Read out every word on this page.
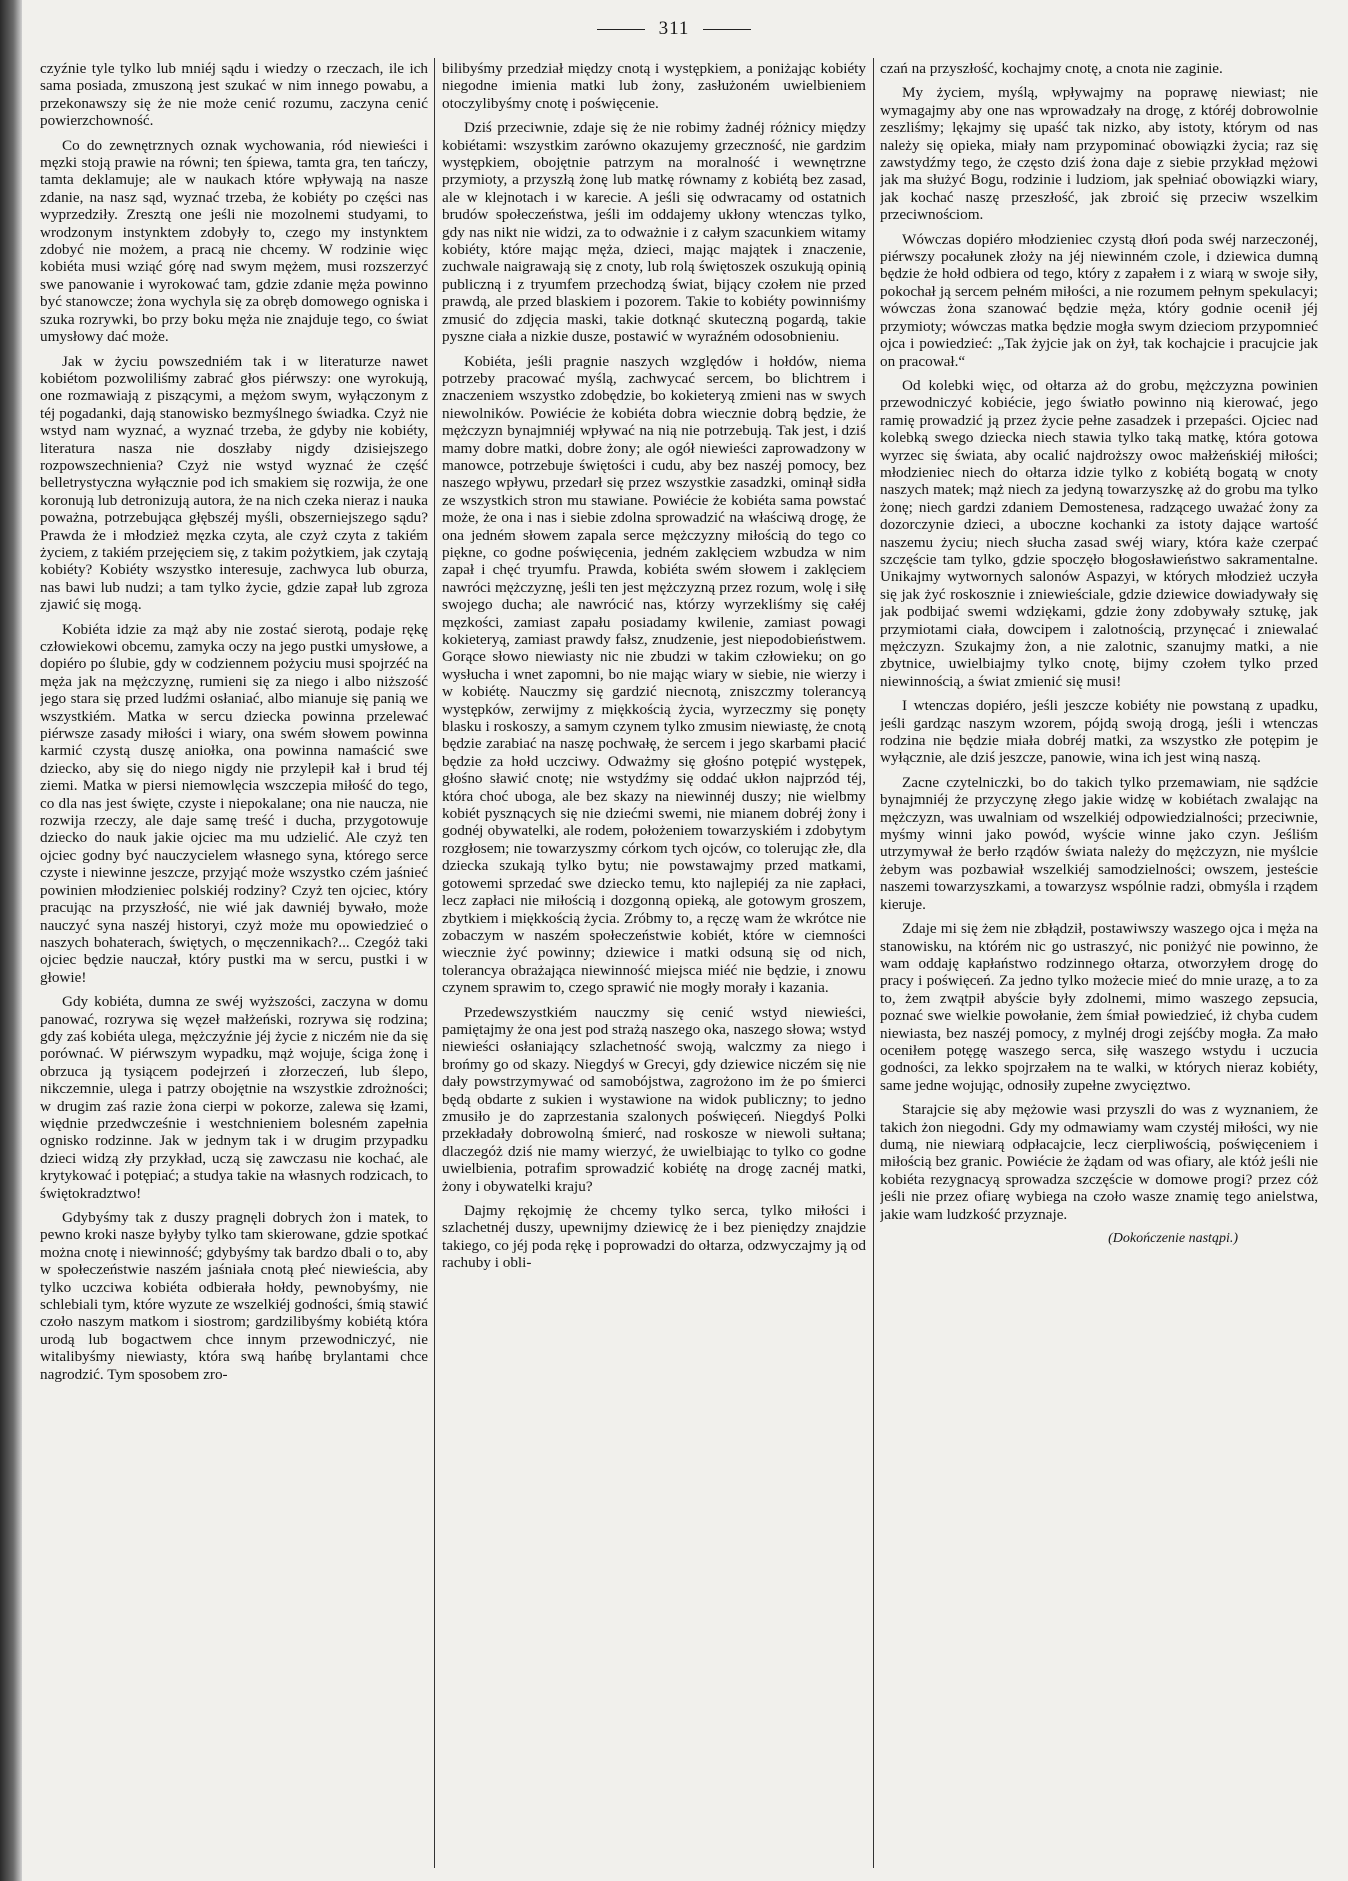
311

czyźnie tyle tylko lub mniéj sądu i wiedzy o rzeczach, ile ich sama posiada, zmuszoną jest szukać w nim innego powabu, a przekonawszy się że nie może cenić rozumu, zaczyna cenić powierzchowność.

Co do zewnętrznych oznak wychowania, ród niewieści i męzki stoją prawie na równi; ten śpiewa, tamta gra, ten tańczy, tamta deklamuje; ale w naukach które wpływają na nasze zdanie, na nasz sąd, wyznać trzeba, że kobiéty po części nas wyprzedziły. Zresztą one jeśli nie mozolnemi studyami, to wrodzonym instynktem zdobyły to, czego my instynktem zdobyć nie możem, a pracą nie chcemy. W rodzinie więc kobiéta musi wziąć górę nad swym mężem, musi rozszerzyć swe panowanie i wyrokować tam, gdzie zdanie męża powinno być stanowcze; żona wychyla się za obręb domowego ogniska i szuka rozrywki, bo przy boku męża nie znajduje tego, co świat umysłowy dać może.

Jak w życiu powszedniém tak i w literaturze nawet kobiétom pozwoliliśmy zabrać głos piérwszy: one wyrokują, one rozmawiają z piszącymi, a mężom swym, wyłączonym z téj pogadanki, dają stanowisko bezmyślnego świadka. Czyż nie wstyd nam wyznać, a wyznać trzeba, że gdyby nie kobiéty, literatura nasza nie doszłaby nigdy dzisiejszego rozpowszechnienia? Czyż nie wstyd wyznać że część belletrystyczna wyłącznie pod ich smakiem się rozwija, że one koronują lub detronizują autora, że na nich czeka nieraz i nauka poważna, potrzebująca głębszéj myśli, obszerniejszego sądu? Prawda że i młodzież męzka czyta, ale czyż czyta z takiém życiem, z takiém przejęciem się, z takim pożytkiem, jak czytają kobiéty? Kobiéty wszystko interesuje, zachwyca lub oburza, nas bawi lub nudzi; a tam tylko życie, gdzie zapał lub zgroza zjawić się mogą.

Kobiéta idzie za mąż aby nie zostać sierotą, podaje rękę człowiekowi obcemu, zamyka oczy na jego pustki umysłowe, a dopiéro po ślubie, gdy w codziennem pożyciu musi spojrzéć na męża jak na mężczyznę, rumieni się za niego i albo niższość jego stara się przed ludźmi osłaniać, albo mianuje się panią we wszystkiém. Matka w sercu dziecka powinna przelewać piérwsze zasady miłości i wiary, ona swém słowem powinna karmić czystą duszę aniołka, ona powinna namaścić swe dziecko, aby się do niego nigdy nie przylepił kał i brud téj ziemi. Matka w piersi niemowlęcia wszczepia miłość do tego, co dla nas jest święte, czyste i niepokalane; ona nie naucza, nie rozwija rzeczy, ale daje samę treść i ducha, przygotowuje dziecko do nauk jakie ojciec ma mu udzielić. Ale czyż ten ojciec godny być nauczycielem własnego syna, którego serce czyste i niewinne jeszcze, przyjąć może wszystko czém jaśnieć powinien młodzieniec polskiéj rodziny? Czyż ten ojciec, który pracując na przyszłość, nie wié jak dawniéj bywało, może nauczyć syna naszéj historyi, czyż może mu opowiedzieć o naszych bohaterach, świętych, o męczennikach?... Czegóż taki ojciec będzie nauczał, który pustki ma w sercu, pustki i w głowie!

Gdy kobiéta, dumna ze swéj wyższości, zaczyna w domu panować, rozrywa się węzeł małżeński, rozrywa się rodzina; gdy zaś kobiéta ulega, mężczyźnie jéj życie z niczém nie da się porównać. W piérwszym wypadku, mąż wojuje, ściga żonę i obrzuca ją tysiącem podejrzeń i złorzeczeń, lub ślepo, nikczemnie, ulega i patrzy obojętnie na wszystkie zdrożności; w drugim zaś razie żona cierpi w pokorze, zalewa się łzami, więdnie przedwcześnie i westchnieniem bolesném zapełnia ognisko rodzinne. Jak w jednym tak i w drugim przypadku dzieci widzą zły przykład, uczą się zawczasu nie kochać, ale krytykować i potępiać; a studya takie na własnych rodzicach, to świętokradztwo!

Gdybyśmy tak z duszy pragnęli dobrych żon i matek, to pewno kroki nasze byłyby tylko tam skierowane, gdzie spotkać można cnotę i niewinność; gdybyśmy tak bardzo dbali o to, aby w społeczeństwie naszém jaśniała cnotą płeć niewieścia, aby tylko uczciwa kobiéta odbierała hołdy, pewnobyśmy, nie schlebiali tym, które wyzute ze wszelkiéj godności, śmią stawić czoło naszym matkom i siostrom; gardzilibyśmy kobiétą która urodą lub bogactwem chce innym przewodniczyć, nie witalibyśmy niewiasty, która swą hańbę brylantami chce nagrodzić. Tym sposobem zro-

bilibyśmy przedział między cnotą i występkiem, a poniżając kobiéty niegodne imienia matki lub żony, zasłużoném uwielbieniem otoczylibyśmy cnotę i poświęcenie.

Dziś przeciwnie, zdaje się że nie robimy żadnéj różnicy między kobiétami: wszystkim zarówno okazujemy grzeczność, nie gardzim występkiem, obojętnie patrzym na moralność i wewnętrzne przymioty, a przyszłą żonę lub matkę równamy z kobiétą bez zasad, ale w klejnotach i w karecie. A jeśli się odwracamy od ostatnich brudów społeczeństwa, jeśli im oddajemy ukłony wtenczas tylko, gdy nas nikt nie widzi, za to odważnie i z całym szacunkiem witamy kobiéty, które mając męża, dzieci, mając majątek i znaczenie, zuchwale naigrawają się z cnoty, lub rolą świętoszek oszukują opinią publiczną i z tryumfem przechodzą świat, bijący czołem nie przed prawdą, ale przed blaskiem i pozorem. Takie to kobiéty powinniśmy zmusić do zdjęcia maski, takie dotknąć skuteczną pogardą, takie pyszne ciała a nizkie dusze, postawić w wyraźném odosobnieniu.

Kobiéta, jeśli pragnie naszych względów i hołdów, niema potrzeby pracować myślą, zachwycać sercem, bo blichtrem i znaczeniem wszystko zdobędzie, bo kokieteryą zmieni nas w swych niewolników. Powiécie że kobiéta dobra wiecznie dobrą będzie, że mężczyzn bynajmniéj wpływać na nią nie potrzebują. Tak jest, i dziś mamy dobre matki, dobre żony; ale ogół niewieści zaprowadzony w manowce, potrzebuje świętości i cudu, aby bez naszéj pomocy, bez naszego wpływu, przedarł się przez wszystkie zasadzki, ominął sidła ze wszystkich stron mu stawiane. Powiécie że kobiéta sama powstać może, że ona i nas i siebie zdolna sprowadzić na właściwą drogę, że ona jedném słowem zapala serce mężczyzny miłością do tego co piękne, co godne poświęcenia, jedném zaklęciem wzbudza w nim zapał i chęć tryumfu. Prawda, kobiéta swém słowem i zaklęciem nawróci mężczyznę, jeśli ten jest mężczyzną przez rozum, wolę i siłę swojego ducha; ale nawrócić nas, którzy wyrzekliśmy się całéj męzkości, zamiast zapału posiadamy kwilenie, zamiast powagi kokieteryą, zamiast prawdy fałsz, znudzenie, jest niepodobieństwem. Gorące słowo niewiasty nic nie zbudzi w takim człowieku; on go wysłucha i wnet zapomni, bo nie mając wiary w siebie, nie wierzy i w kobiétę. Nauczmy się gardzić niecnotą, zniszczmy tolerancyą występków, zerwijmy z miękkością życia, wyrzeczmy się ponęty blasku i roskoszy, a samym czynem tylko zmusim niewiastę, że cnotą będzie zarabiać na naszę pochwałę, że sercem i jego skarbami płacić będzie za hołd uczciwy. Odważmy się głośno potępić występek, głośno sławić cnotę; nie wstydźmy się oddać ukłon najprzód téj, która choć uboga, ale bez skazy na niewinnéj duszy; nie wielbmy kobiét pysznących się nie dziećmi swemi, nie mianem dobréj żony i godnéj obywatelki, ale rodem, położeniem towarzyskiém i zdobytym rozgłosem; nie towarzyszmy córkom tych ojców, co tolerując złe, dla dziecka szukają tylko bytu; nie powstawajmy przed matkami, gotowemi sprzedać swe dziecko temu, kto najlepiéj za nie zapłaci, lecz zapłaci nie miłością i dozgonną opieką, ale gotowym groszem, zbytkiem i miękkością życia. Zróbmy to, a ręczę wam że wkrótce nie zobaczym w naszém społeczeństwie kobiét, które w ciemności wiecznie żyć powinny; dziewice i matki odsuną się od nich, tolerancya obrażająca niewinność miejsca miéć nie będzie, i znowu czynem sprawim to, czego sprawić nie mogły morały i kazania.

Przedewszystkiém nauczmy się cenić wstyd niewieści, pamiętajmy że ona jest pod strażą naszego oka, naszego słowa; wstyd niewieści osłaniający szlachetność swoją, walczmy za niego i brońmy go od skazy. Niegdyś w Grecyi, gdy dziewice niczém się nie dały powstrzymywać od samobójstwa, zagrożono im że po śmierci będą obdarte z sukien i wystawione na widok publiczny; to jedno zmusiło je do zaprzestania szalonych poświęceń. Niegdyś Polki przekładały dobrowolną śmierć, nad roskosze w niewoli sułtana; dlaczegóż dziś nie mamy wierzyć, że uwielbiając to tylko co godne uwielbienia, potrafim sprowadzić kobiétę na drogę zacnéj matki, żony i obywatelki kraju?

Dajmy rękojmię że chcemy tylko serca, tylko miłości i szlachetnéj duszy, upewnijmy dziewicę że i bez pieniędzy znajdzie takiego, co jéj poda rękę i poprowadzi do ołtarza, odzwyczajmy ją od rachuby i obli-

czań na przyszłość, kochajmy cnotę, a cnota nie zaginie.

My życiem, myślą, wpływajmy na poprawę niewiast; nie wymagajmy aby one nas wprowadzały na drogę, z któréj dobrowolnie zeszliśmy; lękajmy się upaść tak nizko, aby istoty, którym od nas należy się opieka, miały nam przypominać obowiązki życia; raz się zawstydźmy tego, że często dziś żona daje z siebie przykład mężowi jak ma służyć Bogu, rodzinie i ludziom, jak spełniać obowiązki wiary, jak kochać naszę przeszłość, jak zbroić się przeciw wszelkim przeciwnościom.

Wówczas dopiéro młodzieniec czystą dłoń poda swéj narzeczonéj, piérwszy pocałunek złoży na jéj niewinném czole, i dziewica dumną będzie że hołd odbiera od tego, który z zapałem i z wiarą w swoje siły, pokochał ją sercem pełném miłości, a nie rozumem pełnym spekulacyi; wówczas żona szanować będzie męża, który godnie ocenił jéj przymioty; wówczas matka będzie mogła swym dzieciom przypomnieć ojca i powiedzieć: „Tak żyjcie jak on żył, tak kochajcie i pracujcie jak on pracował.“

Od kolebki więc, od ołtarza aż do grobu, mężczyzna powinien przewodniczyć kobiécie, jego światło powinno nią kierować, jego ramię prowadzić ją przez życie pełne zasadzek i przepaści. Ojciec nad kolebką swego dziecka niech stawia tylko taką matkę, która gotowa wyrzec się świata, aby ocalić najdroższy owoc małżeńskiéj miłości; młodzieniec niech do ołtarza idzie tylko z kobiétą bogatą w cnoty naszych matek; mąż niech za jedyną towarzyszkę aż do grobu ma tylko żonę; niech gardzi zdaniem Demostenesa, radzącego uważać żony za dozorczynie dzieci, a uboczne kochanki za istoty dające wartość naszemu życiu; niech słucha zasad swéj wiary, która każe czerpać szczęście tam tylko, gdzie spoczęło błogosławieństwo sakramentalne. Unikajmy wytwornych salonów Aspazyi, w których młodzież uczyła się jak żyć roskosznie i zniewieściale, gdzie dziewice dowiadywały się jak podbijać swemi wdziękami, gdzie żony zdobywały sztukę, jak przymiotami ciała, dowcipem i zalotnością, przynęcać i zniewalać mężczyzn. Szukajmy żon, a nie zalotnic, szanujmy matki, a nie zbytnice, uwielbiajmy tylko cnotę, bijmy czołem tylko przed niewinnością, a świat zmienić się musi!

I wtenczas dopiéro, jeśli jeszcze kobiéty nie powstaną z upadku, jeśli gardząc naszym wzorem, pójdą swoją drogą, jeśli i wtenczas rodzina nie będzie miała dobréj matki, za wszystko złe potępim je wyłącznie, ale dziś jeszcze, panowie, wina ich jest winą naszą.

Zacne czytelniczki, bo do takich tylko przemawiam, nie sądźcie bynajmniéj że przyczynę złego jakie widzę w kobiétach zwalając na mężczyzn, was uwalniam od wszelkiéj odpowiedzialności; przeciwnie, myśmy winni jako powód, wyście winne jako czyn. Jeśliśm utrzymywał że berło rządów świata należy do mężczyzn, nie myślcie żebym was pozbawiał wszelkiéj samodzielności; owszem, jesteście naszemi towarzyszkami, a towarzysz wspólnie radzi, obmyśla i rządem kieruje.

Zdaje mi się żem nie zbłądził, postawiwszy waszego ojca i męża na stanowisku, na którém nic go ustraszyć, nic poniżyć nie powinno, że wam oddaję kapłaństwo rodzinnego ołtarza, otworzyłem drogę do pracy i poświęceń. Za jedno tylko możecie mieć do mnie urazę, a to za to, żem zwątpił abyście były zdolnemi, mimo waszego zepsucia, poznać swe wielkie powołanie, żem śmiał powiedzieć, iż chyba cudem niewiasta, bez naszéj pomocy, z mylnéj drogi zejśćby mogła. Za mało oceniłem potęgę waszego serca, siłę waszego wstydu i uczucia godności, za lekko spojrzałem na te walki, w których nieraz kobiéty, same jedne wojując, odnosiły zupełne zwycięztwo.

Starajcie się aby mężowie wasi przyszli do was z wyznaniem, że takich żon niegodni. Gdy my odmawiamy wam czystéj miłości, wy nie dumą, nie niewiarą odpłacajcie, lecz cierpliwością, poświęceniem i miłością bez granic. Powiécie że żądam od was ofiary, ale któż jeśli nie kobiéta rezygnacyą sprowadza szczęście w domowe progi? przez cóż jeśli nie przez ofiarę wybiega na czoło wasze znamię tego anielstwa, jakie wam ludzkość przyznaje.

(Dokończenie nastąpi.)
